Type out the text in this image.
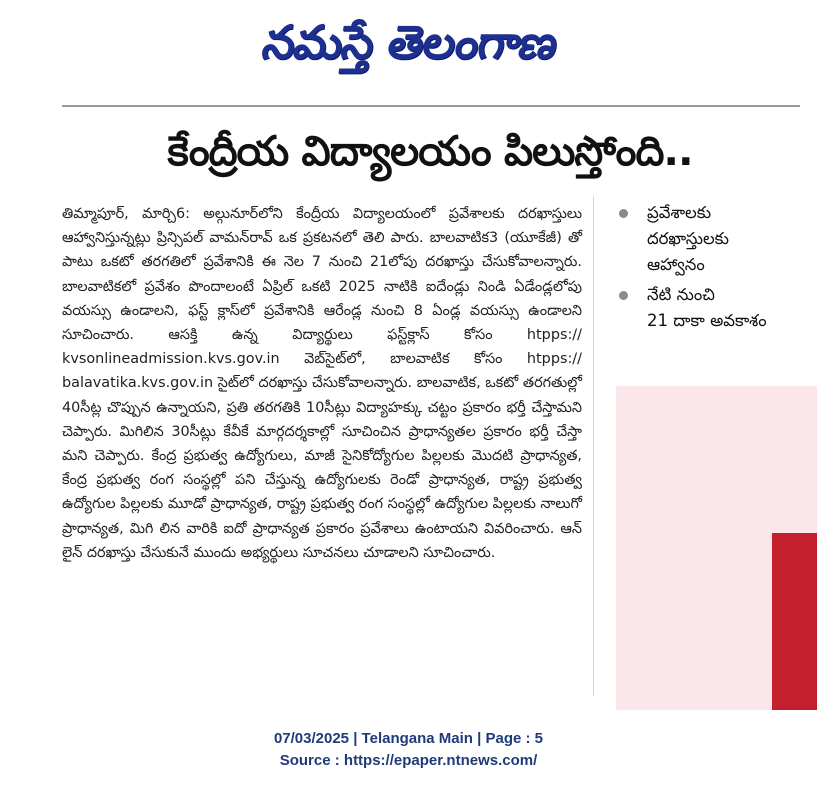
నమస్తే తెలంగాణ
కేంద్రీయ విద్యాలయం పిలుస్తోంది..

తిమ్మాపూర్, మార్చి6: అల్గునూర్‌లోని కేంద్రీయ విద్యాలయంలో ప్రవేశాలకు దరఖాస్తులు ఆహ్వానిస్తున్నట్లు ప్రిన్సిపల్ వామన్‌రావ్ ఒక ప్రకటనలో తెలి పారు. బాలవాటిక3 (యూకేజీ) తో పాటు ఒకటో తరగతిలో ప్రవేశానికి ఈ నెల 7 నుంచి 21లోపు దరఖాస్తు చేసుకోవాలన్నారు. బాలవాటికలో ప్రవేశం పొందాలంటే ఏప్రిల్ ఒకటి 2025 నాటికి ఐదేండ్లు నిండి ఏడేండ్లలోపు వయస్సు ఉండాలని, ఫస్ట్ క్లాస్‌లో ప్రవేశానికి ఆరేండ్ల నుంచి 8 ఏండ్ల వయస్సు ఉండాలని సూచించారు. ఆసక్తి ఉన్న విద్యార్థులు ఫస్ట్‌క్లాస్ కోసం htpps:// kvsonlineadmission.kvs.gov.in వెబ్‌సైట్‌లో, బాలవాటిక కోసం htpps:// balavatika.kvs.gov.in సైట్‌లో దరఖాస్తు చేసుకోవాలన్నారు. బాలవాటిక, ఒకటో తరగతుల్లో 40సీట్ల చొప్పున ఉన్నాయని, ప్రతి తరగతికి 10సీట్లు విద్యాహక్కు చట్టం ప్రకారం భర్తీ చేస్తామని చెప్పారు. మిగిలిన 30సీట్లు కేవీకే మార్గదర్శకాల్లో సూచించిన ప్రాధాన్యతల ప్రకారం భర్తీ చేస్తా మని చెప్పారు. కేంద్ర ప్రభుత్వ ఉద్యోగులు, మాజీ సైనికోద్యోగుల పిల్లలకు మొదటి ప్రాధాన్యత, కేంద్ర ప్రభుత్వ రంగ సంస్థల్లో పని చేస్తున్న ఉద్యోగులకు రెండో ప్రాధాన్యత, రాష్ట్ర ప్రభుత్వ ఉద్యోగుల పిల్లలకు మూడో ప్రాధాన్యత, రాష్ట్ర ప్రభుత్వ రంగ సంస్థల్లో ఉద్యోగుల పిల్లలకు నాలుగో ప్రాధాన్యత, మిగి లిన వారికి ఐదో ప్రాధాన్యత ప్రకారం ప్రవేశాలు ఉంటాయని వివరించారు. ఆన్ లైన్ దరఖాస్తు చేసుకునే ముందు అభ్యర్థులు సూచనలు చూడాలని సూచించారు.

ప్రవేశాలకు
దరఖాస్తులకు
ఆహ్వానం
నేటి నుంచి
21 దాకా అవకాశం
07/03/2025 | Telangana Main | Page : 5
Source : https://epaper.ntnews.com/
